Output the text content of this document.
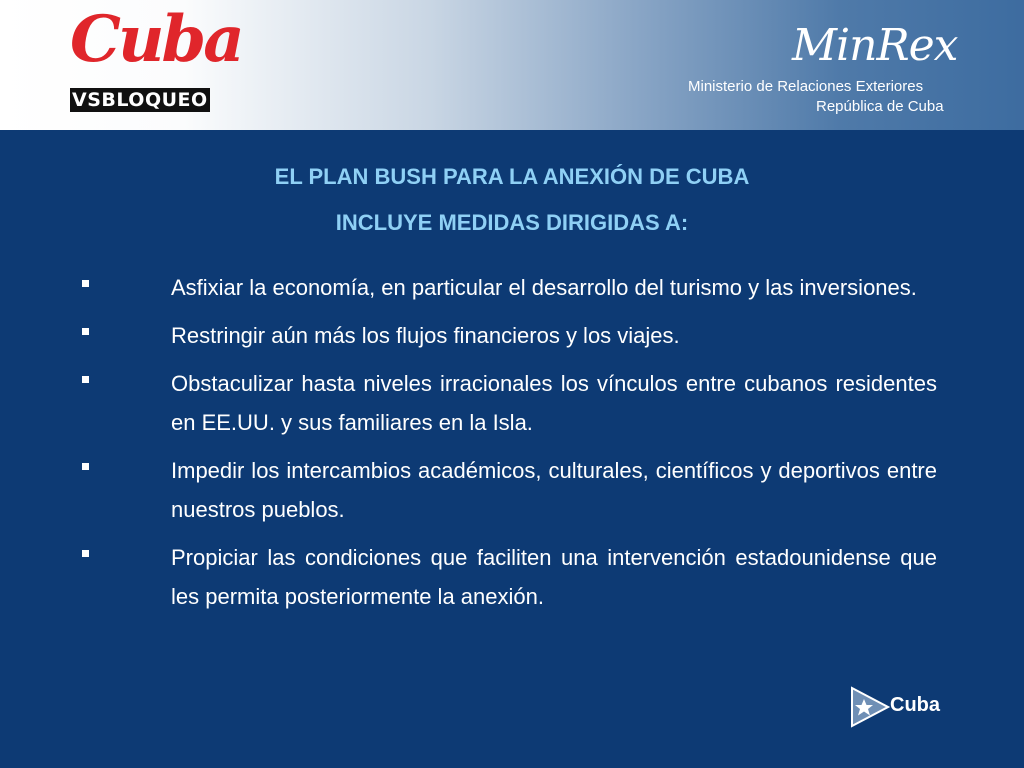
Cuba
VSBLOQUEO
MinRex
Ministerio de Relaciones Exteriores
República de Cuba
EL PLAN BUSH PARA LA ANEXIÓN DE CUBA
INCLUYE MEDIDAS DIRIGIDAS A:
Asfixiar la economía, en particular el desarrollo del turismo y las inversiones.
Restringir aún más los flujos financieros y los viajes.
Obstaculizar hasta niveles irracionales los vínculos entre cubanos residentes en EE.UU. y sus familiares en la Isla.
Impedir los intercambios académicos, culturales, científicos y deportivos entre nuestros pueblos.
Propiciar las condiciones que faciliten una intervención estadounidense que les permita posteriormente la anexión.
Cuba
